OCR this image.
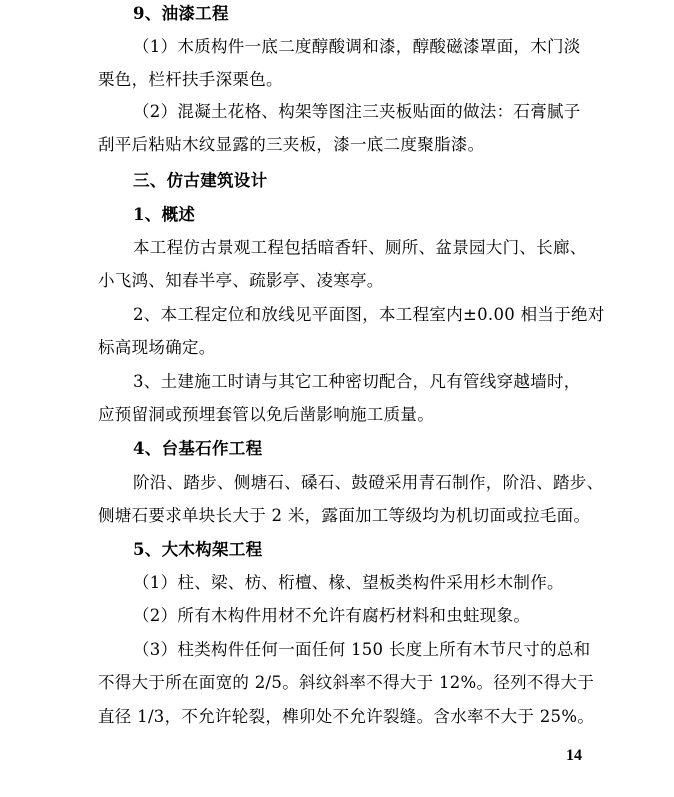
9、油漆工程
（1）木质构件一底二度醇酸调和漆，醇酸磁漆罩面，木门淡
栗色，栏杆扶手深栗色。
（2）混凝土花格、构架等图注三夹板贴面的做法：石膏腻子
刮平后粘贴木纹显露的三夹板，漆一底二度聚脂漆。
三、仿古建筑设计
1、概述
本工程仿古景观工程包括暗香轩、厕所、盆景园大门、长廊、
小飞鸿、知春半亭、疏影亭、凌寒亭。
2、本工程定位和放线见平面图，本工程室内±0.00 相当于绝对
标高现场确定。
3、土建施工时请与其它工种密切配合，凡有管线穿越墙时，
应预留洞或预埋套管以免后凿影响施工质量。
4、台基石作工程
阶沿、踏步、侧塘石、磉石、鼓磴采用青石制作，阶沿、踏步、
侧塘石要求单块长大于 2 米，露面加工等级均为机切面或拉毛面。
5、大木构架工程
（1）柱、梁、枋、桁檀、椽、望板类构件采用杉木制作。
（2）所有木构件用材不允许有腐朽材料和虫蛀现象。
（3）柱类构件任何一面任何 150 长度上所有木节尺寸的总和
不得大于所在面宽的 2/5。斜纹斜率不得大于 12%。径列不得大于
直径 1/3，不允许轮裂，榫卯处不允许裂缝。含水率不大于 25%。
14
